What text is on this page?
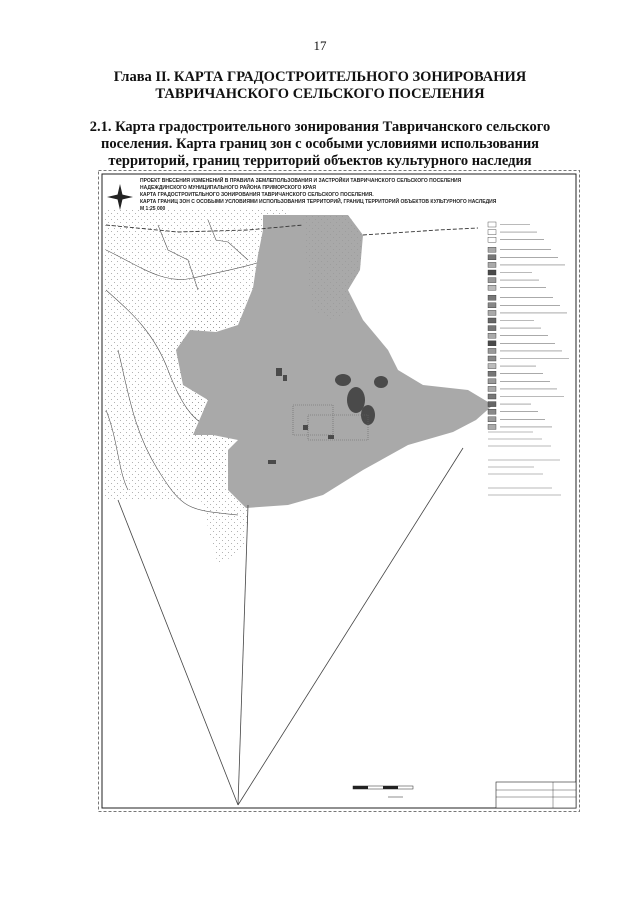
17
Глава II. КАРТА ГРАДОСТРОИТЕЛЬНОГО ЗОНИРОВАНИЯ ТАВРИЧАНСКОГО СЕЛЬСКОГО ПОСЕЛЕНИЯ
2.1. Карта градостроительного зонирования Тавричанского сельского поселения. Карта границ зон с особыми условиями использования территорий, границ территорий объектов культурного наследия
ПРОЕКТ ВНЕСЕНИЯ ИЗМЕНЕНИЙ В ПРАВИЛА ЗЕМЛЕПОЛЬЗОВАНИЯ И ЗАСТРОЙКИ ТАВРИЧАНСКОГО СЕЛЬСКОГО ПОСЕЛЕНИЯ
НАДЕЖДИНСКОГО МУНИЦИПАЛЬНОГО РАЙОНА ПРИМОРСКОГО КРАЯ
КАРТА ГРАДОСТРОИТЕЛЬНОГО ЗОНИРОВАНИЯ ТАВРИЧАНСКОГО СЕЛЬСКОГО ПОСЕЛЕНИЯ.
КАРТА ГРАНИЦ ЗОН С ОСОБЫМИ УСЛОВИЯМИ ИСПОЛЬЗОВАНИЯ ТЕРРИТОРИЙ, ГРАНИЦ ТЕРРИТОРИЙ ОБЪЕКТОВ КУЛЬТУРНОГО НАСЛЕДИЯ
М 1:25 000
